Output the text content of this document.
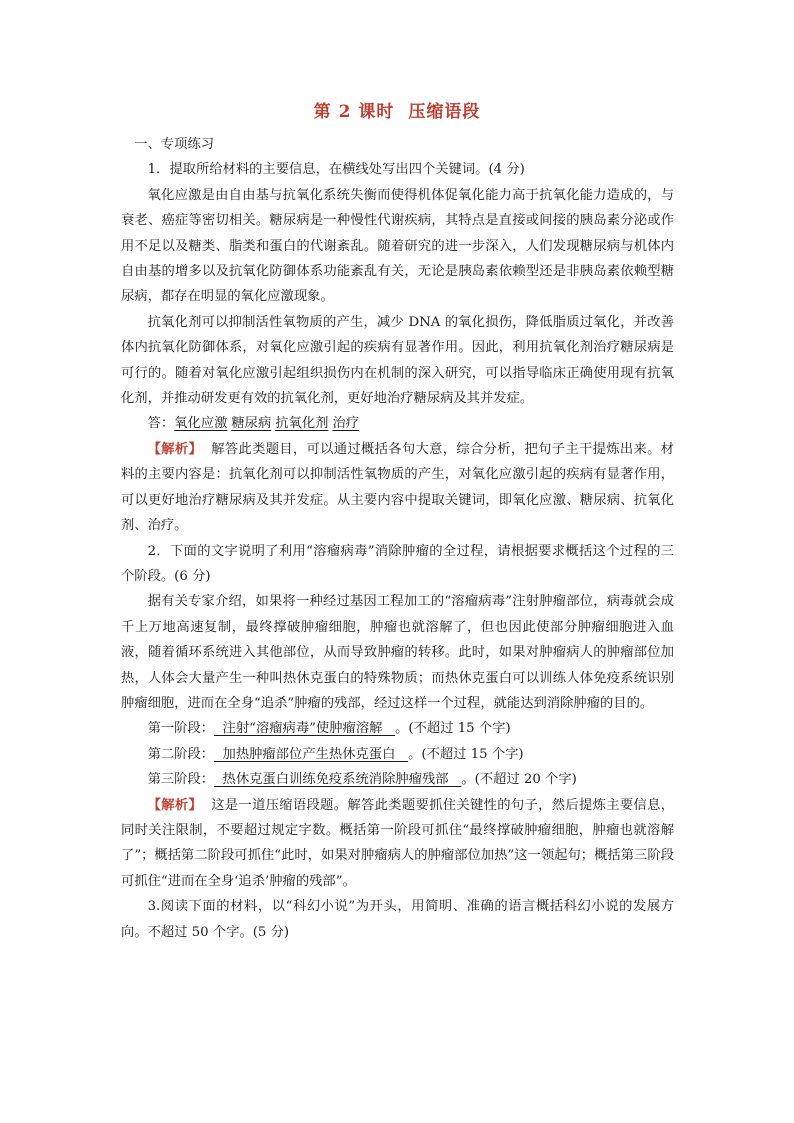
第 2 课时 压缩语段

一、专项练习

1．提取所给材料的主要信息，在横线处写出四个关键词。(4 分)

氧化应激是由自由基与抗氧化系统失衡而使得机体促氧化能力高于抗氧化能力造成的，与衰老、癌症等密切相关。糖尿病是一种慢性代谢疾病，其特点是直接或间接的胰岛素分泌或作用不足以及糖类、脂类和蛋白的代谢紊乱。随着研究的进一步深入，人们发现糖尿病与机体内自由基的增多以及抗氧化防御体系功能紊乱有关，无论是胰岛素依赖型还是非胰岛素依赖型糖尿病，都存在明显的氧化应激现象。

抗氧化剂可以抑制活性氧物质的产生，减少 DNA 的氧化损伤，降低脂质过氧化，并改善体内抗氧化防御体系，对氧化应激引起的疾病有显著作用。因此，利用抗氧化剂治疗糖尿病是可行的。随着对氧化应激引起组织损伤内在机制的深入研究，可以指导临床正确使用现有抗氧化剂，并推动研发更有效的抗氧化剂，更好地治疗糖尿病及其并发症。

答：氧化应激 糖尿病 抗氧化剂 治疗

【解析】 解答此类题目，可以通过概括各句大意，综合分析，把句子主干提炼出来。材料的主要内容是：抗氧化剂可以抑制活性氧物质的产生，对氧化应激引起的疾病有显著作用，可以更好地治疗糖尿病及其并发症。从主要内容中提取关键词，即氧化应激、糖尿病、抗氧化剂、治疗。

2．下面的文字说明了利用“溶瘤病毒”消除肿瘤的全过程，请根据要求概括这个过程的三个阶段。(6 分)

据有关专家介绍，如果将一种经过基因工程加工的“溶瘤病毒”注射肿瘤部位，病毒就会成千上万地高速复制，最终撑破肿瘤细胞，肿瘤也就溶解了，但也因此使部分肿瘤细胞进入血液，随着循环系统进入其他部位，从而导致肿瘤的转移。此时，如果对肿瘤病人的肿瘤部位加热，人体会大量产生一种叫热休克蛋白的特殊物质；而热休克蛋白可以训练人体免疫系统识别肿瘤细胞，进而在全身“追杀”肿瘤的残部，经过这样一个过程，就能达到消除肿瘤的目的。

第一阶段： 注射“溶瘤病毒”使肿瘤溶解 。(不超过 15 个字)

第二阶段： 加热肿瘤部位产生热休克蛋白 。(不超过 15 个字)

第三阶段： 热休克蛋白训练免疫系统消除肿瘤残部 。(不超过 20 个字)

【解析】 这是一道压缩语段题。解答此类题要抓住关键性的句子，然后提炼主要信息，同时关注限制，不要超过规定字数。概括第一阶段可抓住“最终撑破肿瘤细胞，肿瘤也就溶解了”；概括第二阶段可抓住“此时，如果对肿瘤病人的肿瘤部位加热”这一领起句；概括第三阶段可抓住“进而在全身‘追杀’肿瘤的残部”。

3.阅读下面的材料，以“科幻小说”为开头，用简明、准确的语言概括科幻小说的发展方向。不超过 50 个字。(5 分)
